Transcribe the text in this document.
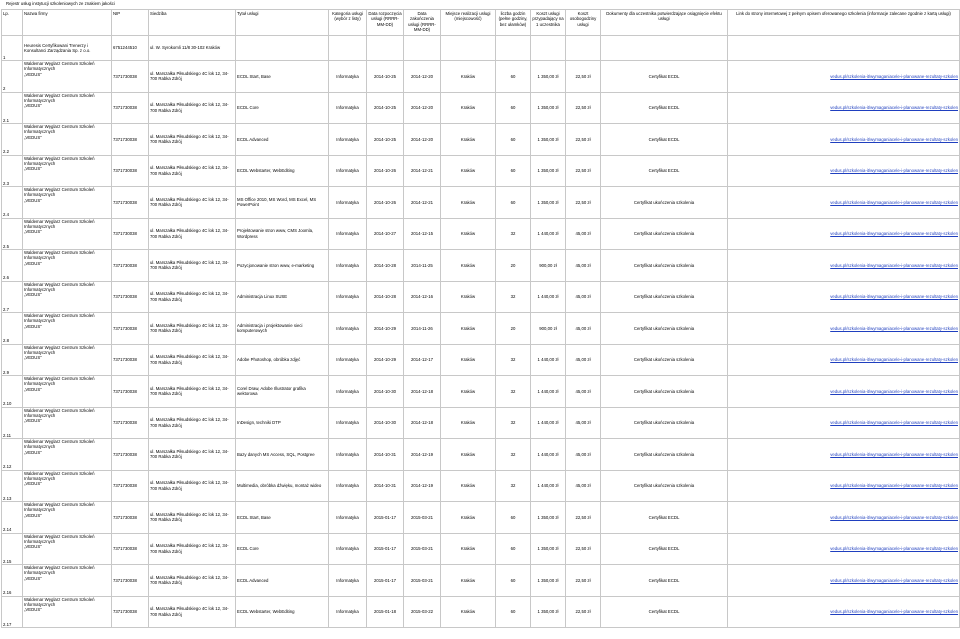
Rejestr usług instytucji szkoleniowych ze znakiem jakości
Lp.	Nazwa firmy	NIP	Siedziba	Tytuł usługi	Kategoria usługi (wybór z listy)	Data rozpoczęcia usługi (RRRR-MM-DD)	Data zakończenia usługi (RRRR-MM-DD)	Miejsce realizacji usługi (miejscowość)	liczba godzin (pełne godziny, bez ułamków)	Koszt usługi przypadający na 1 uczestnika	Koszt osobogodziny usługi	Dokumenty dla uczestnika potwierdzające osiągnięcie efektu usługi	Link do strony internetowej z pełnym opisem oferowanego szkolenia (informacje zalecane zgodnie z kartą usługi)
1	Heuresis Certyfikowani Trenerzy i Konsultanci Zarządzania Sp. z o.o.	6751244510	ul. W. Syrokomli 11/8 30-102 Kraków										
2	Waldemar Węglarz Centrum Szkoleń
Informatycznych
„VEDUS”	7371730038	ul. Marszałka Piłsudskiego 4C lok 12, 34-700 Rabka Zdrój	ECDL Start, Base	Informatyka	2014-10-25	2014-12-20	Kraków	60	1 350,00 zł	22,50 zł	Certyfikat ECDL	vedus.pl/szkolenia-it/wymaganiacele-i-planowane-rezultaty-szkolen
2.1	Waldemar Węglarz Centrum Szkoleń
Informatycznych
„VEDUS”	7371730038	ul. Marszałka Piłsudskiego 4C lok 12, 34-700 Rabka Zdrój	ECDL Core	Informatyka	2014-10-25	2014-12-20	Kraków	60	1 350,00 zł	22,50 zł	Certyfikat ECDL	vedus.pl/szkolenia-it/wymaganiacele-i-planowane-rezultaty-szkolen
2.2	Waldemar Węglarz Centrum Szkoleń
Informatycznych
„VEDUS”	7371730038	ul. Marszałka Piłsudskiego 4C lok 12, 34-700 Rabka Zdrój	ECDL Advanced	Informatyka	2014-10-25	2014-12-20	Kraków	60	1 350,00 zł	22,50 zł	Certyfikat ECDL	vedus.pl/szkolenia-it/wymaganiacele-i-planowane-rezultaty-szkolen
2.3	Waldemar Węglarz Centrum Szkoleń
Informatycznych
„VEDUS”	7371730038	ul. Marszałka Piłsudskiego 4C lok 12, 34-700 Rabka Zdrój	ECDL Webstarter, WebEditing	Informatyka	2014-10-26	2014-12-21	Kraków	60	1 350,00 zł	22,50 zł	Certyfikat ECDL	vedus.pl/szkolenia-it/wymaganiacele-i-planowane-rezultaty-szkolen
2.4	Waldemar Węglarz Centrum Szkoleń
Informatycznych
„VEDUS”	7371730038	ul. Marszałka Piłsudskiego 4C lok 12, 34-700 Rabka Zdrój	MS Office 2010, MS Word, MS Excel, MS PowerPoint	Informatyka	2014-10-26	2014-12-21	Kraków	60	1 350,00 zł	22,50 zł	Certyfikat ukończenia szkolenia	vedus.pl/szkolenia-it/wymaganiacele-i-planowane-rezultaty-szkolen
2.5	Waldemar Węglarz Centrum Szkoleń
Informatycznych
„VEDUS”	7371730038	ul. Marszałka Piłsudskiego 4C lok 12, 34-700 Rabka Zdrój	Projektowanie stron www, CMS Joomla, Wordpress	Informatyka	2014-10-27	2014-12-15	Kraków	32	1 440,00 zł	45,00 zł	Certyfikat ukończenia szkolenia	vedus.pl/szkolenia-it/wymaganiacele-i-planowane-rezultaty-szkolen
2.6	Waldemar Węglarz Centrum Szkoleń
Informatycznych
„VEDUS”	7371730038	ul. Marszałka Piłsudskiego 4C lok 12, 34-700 Rabka Zdrój	Pozycjonowanie stron www, e-marketing	Informatyka	2014-10-28	2014-11-25	Kraków	20	900,00 zł	45,00 zł	Certyfikat ukończenia szkolenia	vedus.pl/szkolenia-it/wymaganiacele-i-planowane-rezultaty-szkolen
2.7	Waldemar Węglarz Centrum Szkoleń
Informatycznych
„VEDUS”	7371730038	ul. Marszałka Piłsudskiego 4C lok 12, 34-700 Rabka Zdrój	Administracja Linux SUSE	Informatyka	2014-10-28	2014-12-16	Kraków	32	1 440,00 zł	45,00 zł	Certyfikat ukończenia szkolenia	vedus.pl/szkolenia-it/wymaganiacele-i-planowane-rezultaty-szkolen
2.8	Waldemar Węglarz Centrum Szkoleń
Informatycznych
„VEDUS”	7371730038	ul. Marszałka Piłsudskiego 4C lok 12, 34-700 Rabka Zdrój	Administracja i projektowanie sieci komputerowych	Informatyka	2014-10-29	2014-11-26	Kraków	20	900,00 zł	45,00 zł	Certyfikat ukończenia szkolenia	vedus.pl/szkolenia-it/wymaganiacele-i-planowane-rezultaty-szkolen
2.9	Waldemar Węglarz Centrum Szkoleń
Informatycznych
„VEDUS”	7371730038	ul. Marszałka Piłsudskiego 4C lok 12, 34-700 Rabka Zdrój	Adobe Photoshop, obróbka zdjęć	Informatyka	2014-10-29	2014-12-17	Kraków	32	1 440,00 zł	45,00 zł	Certyfikat ukończenia szkolenia	vedus.pl/szkolenia-it/wymaganiacele-i-planowane-rezultaty-szkolen
2.10	Waldemar Węglarz Centrum Szkoleń
Informatycznych
„VEDUS”	7371730038	ul. Marszałka Piłsudskiego 4C lok 12, 34-700 Rabka Zdrój	Corel Draw, Adobe Illustrator grafika wektorowa	Informatyka	2014-10-30	2014-12-18	Kraków	32	1 440,00 zł	45,00 zł	Certyfikat ukończenia szkolenia	vedus.pl/szkolenia-it/wymaganiacele-i-planowane-rezultaty-szkolen
2.11	Waldemar Węglarz Centrum Szkoleń
Informatycznych
„VEDUS”	7371730038	ul. Marszałka Piłsudskiego 4C lok 12, 34-700 Rabka Zdrój	InDesign, techniki DTP	Informatyka	2014-10-30	2014-12-18	Kraków	32	1 440,00 zł	45,00 zł	Certyfikat ukończenia szkolenia	vedus.pl/szkolenia-it/wymaganiacele-i-planowane-rezultaty-szkolen
2.12	Waldemar Węglarz Centrum Szkoleń
Informatycznych
„VEDUS”	7371730038	ul. Marszałka Piłsudskiego 4C lok 12, 34-700 Rabka Zdrój	Bazy danych MS Access, SQL, Postgree	Informatyka	2014-10-31	2014-12-19	Kraków	32	1 440,00 zł	45,00 zł	Certyfikat ukończenia szkolenia	vedus.pl/szkolenia-it/wymaganiacele-i-planowane-rezultaty-szkolen
2.13	Waldemar Węglarz Centrum Szkoleń
Informatycznych
„VEDUS”	7371730038	ul. Marszałka Piłsudskiego 4C lok 12, 34-700 Rabka Zdrój	Multimedia, obróbka dźwięku, montaż wideo	Informatyka	2014-10-31	2014-12-19	Kraków	32	1 440,00 zł	45,00 zł	Certyfikat ukończenia szkolenia	vedus.pl/szkolenia-it/wymaganiacele-i-planowane-rezultaty-szkolen
2.14	Waldemar Węglarz Centrum Szkoleń
Informatycznych
„VEDUS”	7371730038	ul. Marszałka Piłsudskiego 4C lok 12, 34-700 Rabka Zdrój	ECDL Start, Base	Informatyka	2015-01-17	2015-03-21	Kraków	60	1 350,00 zł	22,50 zł	Certyfikat ECDL	vedus.pl/szkolenia-it/wymaganiacele-i-planowane-rezultaty-szkolen
2.15	Waldemar Węglarz Centrum Szkoleń
Informatycznych
„VEDUS”	7371730038	ul. Marszałka Piłsudskiego 4C lok 12, 34-700 Rabka Zdrój	ECDL Core	Informatyka	2015-01-17	2015-03-21	Kraków	60	1 350,00 zł	22,50 zł	Certyfikat ECDL	vedus.pl/szkolenia-it/wymaganiacele-i-planowane-rezultaty-szkolen
2.16	Waldemar Węglarz Centrum Szkoleń
Informatycznych
„VEDUS”	7371730038	ul. Marszałka Piłsudskiego 4C lok 12, 34-700 Rabka Zdrój	ECDL Advanced	Informatyka	2015-01-17	2015-03-21	Kraków	60	1 350,00 zł	22,50 zł	Certyfikat ECDL	vedus.pl/szkolenia-it/wymaganiacele-i-planowane-rezultaty-szkolen
2.17	Waldemar Węglarz Centrum Szkoleń
Informatycznych
„VEDUS”	7371730038	ul. Marszałka Piłsudskiego 4C lok 12, 34-700 Rabka Zdrój	ECDL Webstarter, WebEditing	Informatyka	2015-01-18	2015-03-22	Kraków	60	1 350,00 zł	22,50 zł	Certyfikat ECDL	vedus.pl/szkolenia-it/wymaganiacele-i-planowane-rezultaty-szkolen
